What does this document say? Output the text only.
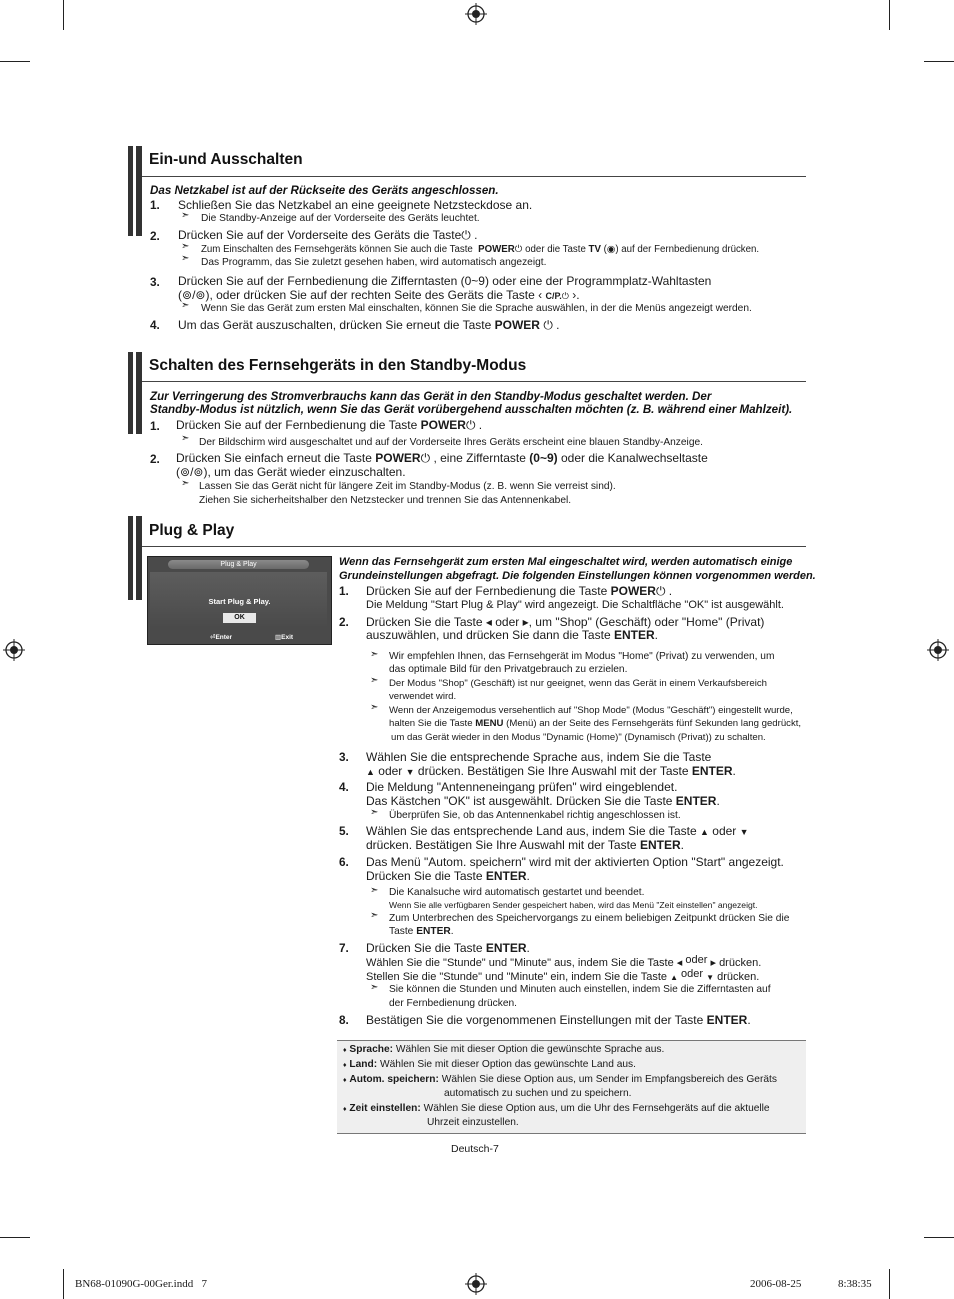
Ein-und Ausschalten
Das Netzkabel ist auf der Rückseite des Geräts angeschlossen.
1. Schließen Sie das Netzkabel an eine geeignete Netzsteckdose an.
➣ Die Standby-Anzeige auf der Vorderseite des Geräts leuchtet.
2. Drücken Sie auf der Vorderseite des Geräts die Taste⏻ .
➣ Zum Einschalten des Fernsehgeräts können Sie auch die Taste POWER⏻ oder die Taste TV (◉) auf der Fernbedienung drücken.
➣ Das Programm, das Sie zuletzt gesehen haben, wird automatisch angezeigt.
3. Drücken Sie auf der Fernbedienung die Zifferntasten (0~9) oder eine der Programmplatz-Wahltasten
(⊚/⊚), oder drücken Sie auf der rechten Seite des Geräts die Taste ‹ C/P.⏻ ›.
➣ Wenn Sie das Gerät zum ersten Mal einschalten, können Sie die Sprache auswählen, in der die Menüs angezeigt werden.
4. Um das Gerät auszuschalten, drücken Sie erneut die Taste POWER ⏻ .
Schalten des Fernsehgeräts in den Standby-Modus
Zur Verringerung des Stromverbrauchs kann das Gerät in den Standby-Modus geschaltet werden. Der
Standby-Modus ist nützlich, wenn Sie das Gerät vorübergehend ausschalten möchten (z. B. während einer Mahlzeit).
1. Drücken Sie auf der Fernbedienung die Taste POWER⏻ .
➣ Der Bildschirm wird ausgeschaltet und auf der Vorderseite Ihres Geräts erscheint eine blauen Standby-Anzeige.
2. Drücken Sie einfach erneut die Taste POWER⏻ , eine Zifferntaste (0~9) oder die Kanalwechseltaste
(⊚/⊚), um das Gerät wieder einzuschalten.
➣ Lassen Sie das Gerät nicht für längere Zeit im Standby-Modus (z. B. wenn Sie verreist sind).
Ziehen Sie sicherheitshalber den Netzstecker und trennen Sie das Antennenkabel.
Plug & Play
Plug & Play
Start Plug & Play.
OK
⏎Enter	▥Exit
Wenn das Fernsehgerät zum ersten Mal eingeschaltet wird, werden automatisch einige
Grundeinstellungen abgefragt. Die folgenden Einstellungen können vorgenommen werden.
1. Drücken Sie auf der Fernbedienung die Taste POWER⏻ .
Die Meldung "Start Plug & Play" wird angezeigt. Die Schaltfläche "OK" ist ausgewählt.
2. Drücken Sie die Taste ◂ oder ▸, um "Shop" (Geschäft) oder "Home" (Privat)
auszuwählen, und drücken Sie dann die Taste ENTER.
➣ Wir empfehlen Ihnen, das Fernsehgerät im Modus "Home" (Privat) zu verwenden, um
das optimale Bild für den Privatgebrauch zu erzielen.
➣ Der Modus "Shop" (Geschäft) ist nur geeignet, wenn das Gerät in einem Verkaufsbereich
verwendet wird.
➣ Wenn der Anzeigemodus versehentlich auf "Shop Mode" (Modus "Geschäft") eingestellt wurde,
halten Sie die Taste MENU (Menü) an der Seite des Fernsehgeräts fünf Sekunden lang gedrückt,
um das Gerät wieder in den Modus "Dynamic (Home)" (Dynamisch (Privat)) zu schalten.
3. Wählen Sie die entsprechende Sprache aus, indem Sie die Taste
▲ oder ▼ drücken. Bestätigen Sie Ihre Auswahl mit der Taste ENTER.
4. Die Meldung "Antenneneingang prüfen" wird eingeblendet.
Das Kästchen "OK" ist ausgewählt. Drücken Sie die Taste ENTER.
➣ Überprüfen Sie, ob das Antennenkabel richtig angeschlossen ist.
5. Wählen Sie das entsprechende Land aus, indem Sie die Taste ▲ oder ▼
drücken. Bestätigen Sie Ihre Auswahl mit der Taste ENTER.
6. Das Menü "Autom. speichern" wird mit der aktivierten Option "Start" angezeigt.
Drücken Sie die Taste ENTER.
➣ Die Kanalsuche wird automatisch gestartet und beendet.
Wenn Sie alle verfügbaren Sender gespeichert haben, wird das Menü "Zeit einstellen" angezeigt.
➣ Zum Unterbrechen des Speichervorgangs zu einem beliebigen Zeitpunkt drücken Sie die
Taste ENTER.
7. Drücken Sie die Taste ENTER.
Wählen Sie die "Stunde" und "Minute" aus, indem Sie die Taste ◂ oder ▸ drücken.
Stellen Sie die "Stunde" und "Minute" ein, indem Sie die Taste ▲ oder ▼ drücken.
➣ Sie können die Stunden und Minuten auch einstellen, indem Sie die Zifferntasten auf
der Fernbedienung drücken.
8. Bestätigen Sie die vorgenommenen Einstellungen mit der Taste ENTER.
♦ Sprache: Wählen Sie mit dieser Option die gewünschte Sprache aus.
♦ Land: Wählen Sie mit dieser Option das gewünschte Land aus.
♦ Autom. speichern: Wählen Sie diese Option aus, um Sender im Empfangsbereich des Geräts
automatisch zu suchen und zu speichern.
♦ Zeit einstellen: Wählen Sie diese Option aus, um die Uhr des Fernsehgeräts auf die aktuelle
Uhrzeit einzustellen.
Deutsch-7
BN68-01090G-00Ger.indd   7	2006-08-25	8:38:35
